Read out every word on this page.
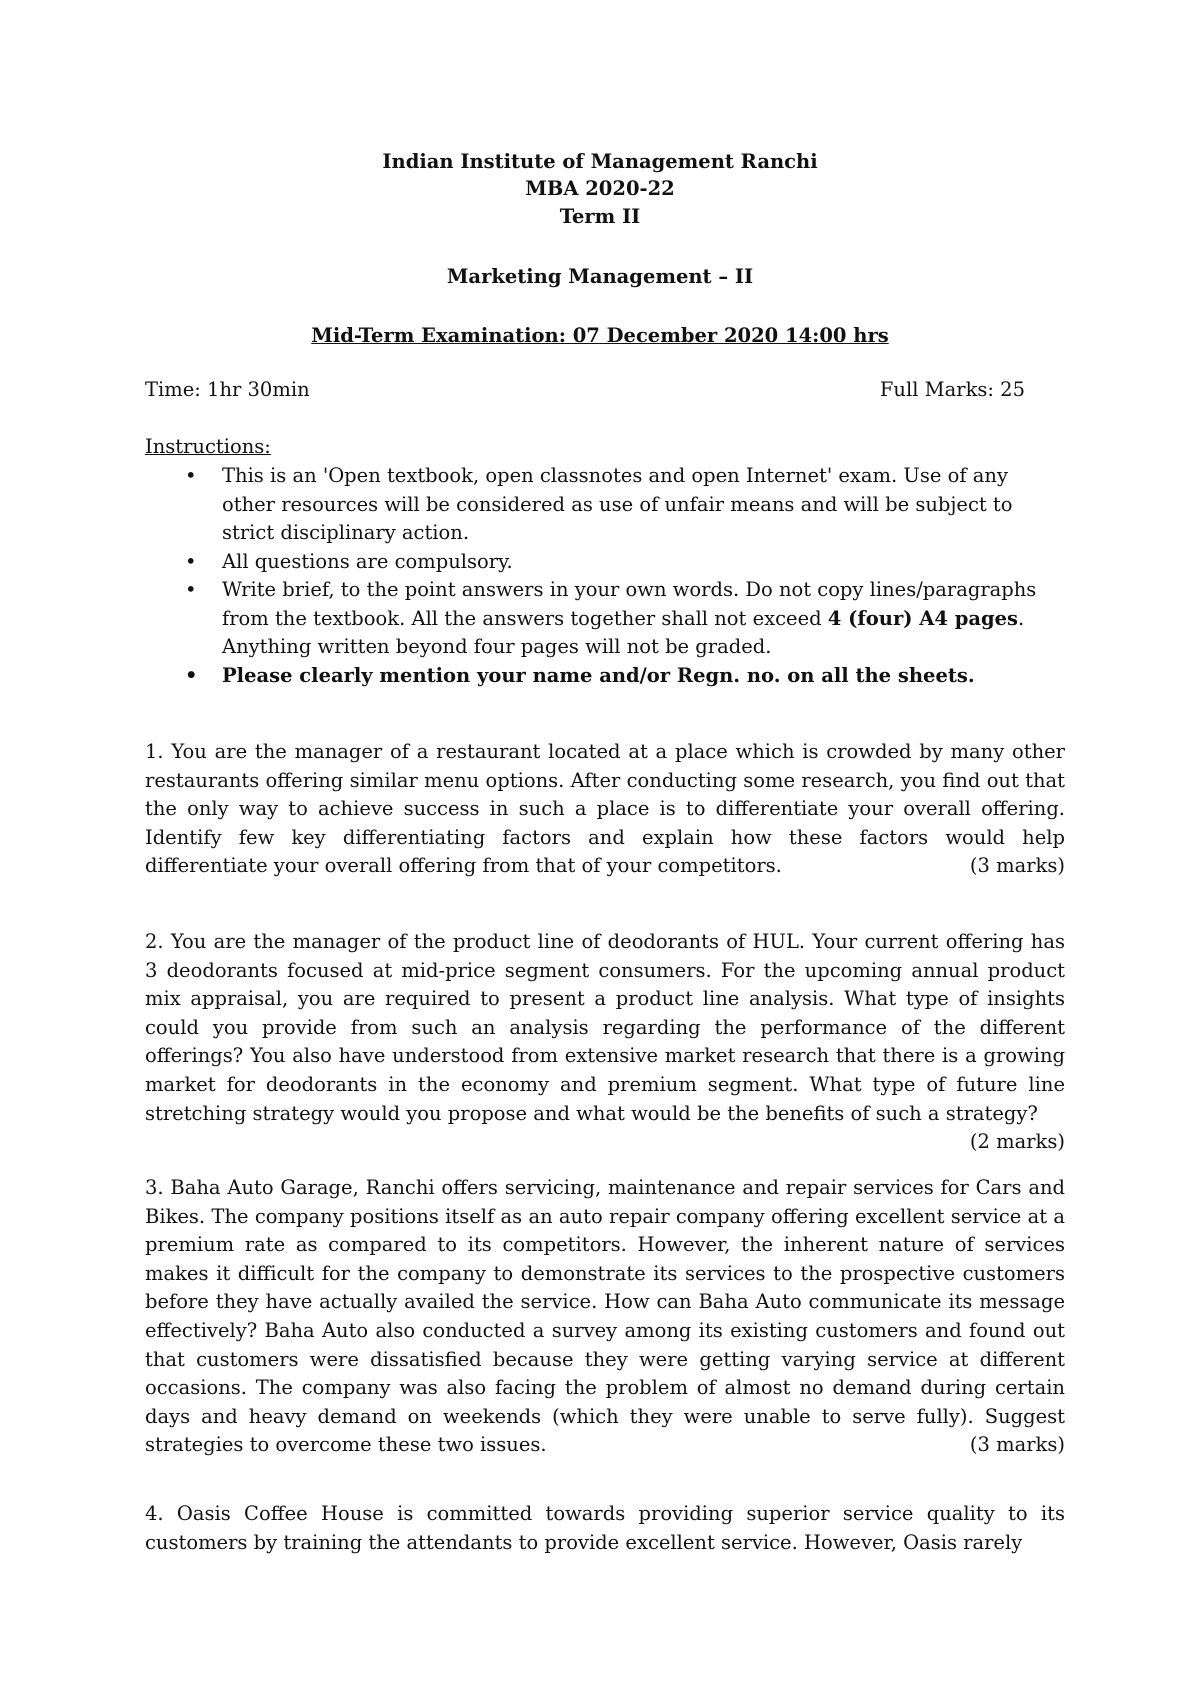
Indian Institute of Management Ranchi
MBA 2020-22
Term II
Marketing Management – II
Mid-Term Examination: 07 December 2020 14:00 hrs
Time: 1hr 30min	Full Marks: 25
Instructions:
• This is an 'Open textbook, open classnotes and open Internet' exam. Use of any other resources will be considered as use of unfair means and will be subject to strict disciplinary action.
• All questions are compulsory.
• Write brief, to the point answers in your own words. Do not copy lines/paragraphs from the textbook. All the answers together shall not exceed 4 (four) A4 pages. Anything written beyond four pages will not be graded.
• Please clearly mention your name and/or Regn. no. on all the sheets.
1. You are the manager of a restaurant located at a place which is crowded by many other restaurants offering similar menu options. After conducting some research, you find out that the only way to achieve success in such a place is to differentiate your overall offering. Identify few key differentiating factors and explain how these factors would help differentiate your overall offering from that of your competitors.	(3 marks)
2. You are the manager of the product line of deodorants of HUL. Your current offering has 3 deodorants focused at mid-price segment consumers. For the upcoming annual product mix appraisal, you are required to present a product line analysis. What type of insights could you provide from such an analysis regarding the performance of the different offerings? You also have understood from extensive market research that there is a growing market for deodorants in the economy and premium segment. What type of future line stretching strategy would you propose and what would be the benefits of such a strategy?
(2 marks)
3. Baha Auto Garage, Ranchi offers servicing, maintenance and repair services for Cars and Bikes. The company positions itself as an auto repair company offering excellent service at a premium rate as compared to its competitors. However, the inherent nature of services makes it difficult for the company to demonstrate its services to the prospective customers before they have actually availed the service. How can Baha Auto communicate its message effectively? Baha Auto also conducted a survey among its existing customers and found out that customers were dissatisfied because they were getting varying service at different occasions. The company was also facing the problem of almost no demand during certain days and heavy demand on weekends (which they were unable to serve fully). Suggest strategies to overcome these two issues.	(3 marks)
4. Oasis Coffee House is committed towards providing superior service quality to its customers by training the attendants to provide excellent service. However, Oasis rarely
